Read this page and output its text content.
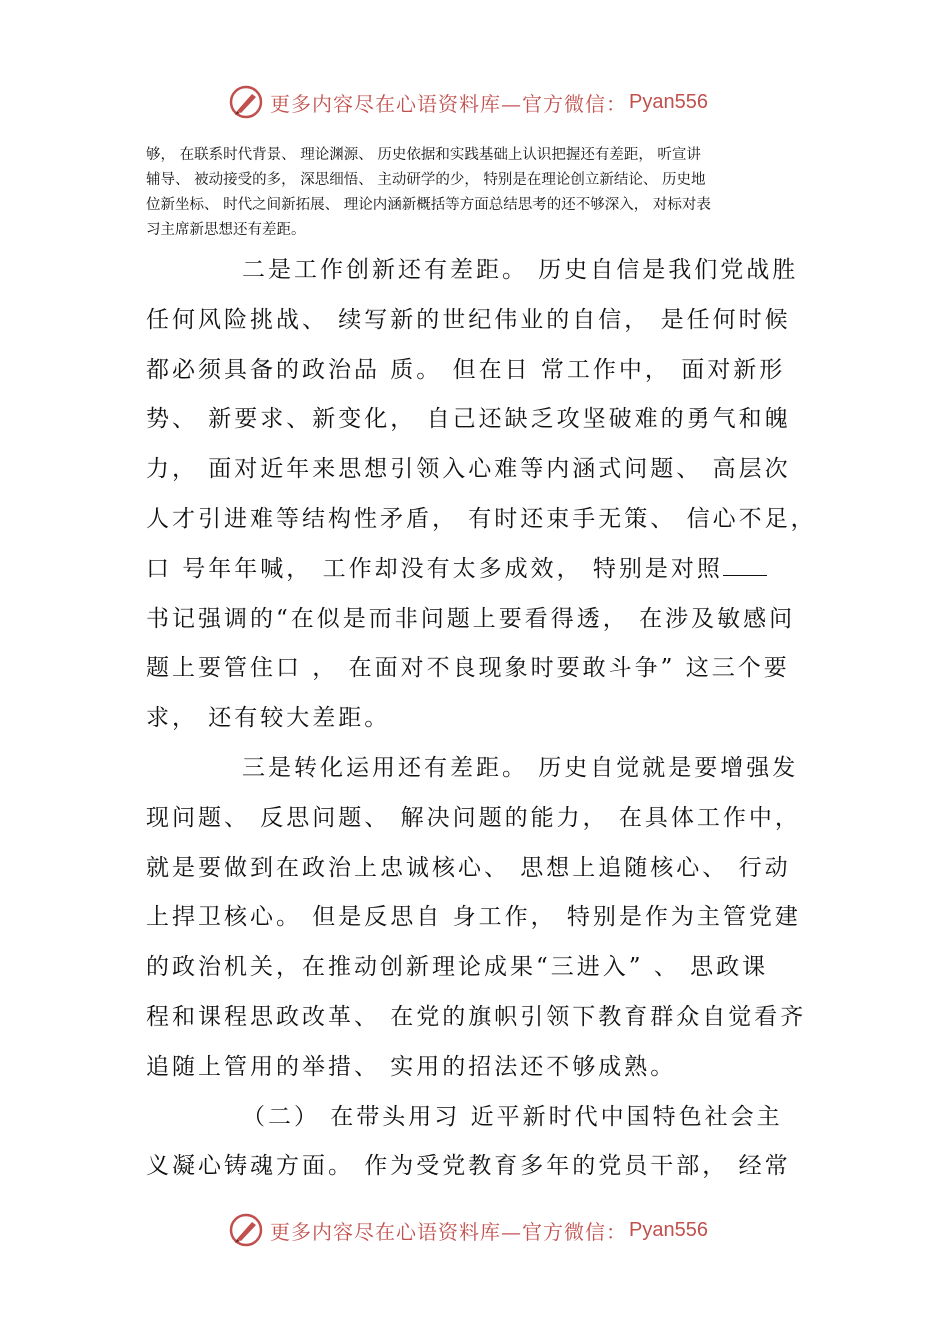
更多内容尽在心语资料库—官方微信： Pyan556
够， 在联系时代背景、 理论渊源、 历史依据和实践基础上认识把握还有差距， 听宣讲
辅导、 被动接受的多， 深思细悟、 主动研学的少， 特别是在理论创立新结论、 历史地
位新坐标、 时代之间新拓展、 理论内涵新概括等方面总结思考的还不够深入， 对标对表
习主席新思想还有差距。
二是工作创新还有差距。 历史自信是我们党战胜
任何风险挑战、 续写新的世纪伟业的自信， 是任何时候
都必须具备的政治品 质。 但在日 常工作中， 面对新形
势、 新要求、新变化， 自己还缺乏攻坚破难的勇气和魄
力， 面对近年来思想引领入心难等内涵式问题、 高层次
人才引进难等结构性矛盾， 有时还束手无策、 信心不足，
口 号年年喊， 工作却没有太多成效， 特别是对照
书记强调的“在似是而非问题上要看得透， 在涉及敏感问
题上要管住口 ， 在面对不良现象时要敢斗争” 这三个要
求， 还有较大差距。
三是转化运用还有差距。 历史自觉就是要增强发
现问题、 反思问题、 解决问题的能力， 在具体工作中，
就是要做到在政治上忠诚核心、 思想上追随核心、 行动
上捍卫核心。 但是反思自 身工作， 特别是作为主管党建
的政治机关，在推动创新理论成果“三进入” 、 思政课
程和课程思政改革、 在党的旗帜引领下教育群众自觉看齐
追随上管用的举措、 实用的招法还不够成熟。
（二） 在带头用习 近平新时代中国特色社会主
义凝心铸魂方面。 作为受党教育多年的党员干部， 经常
更多内容尽在心语资料库—官方微信： Pyan556
